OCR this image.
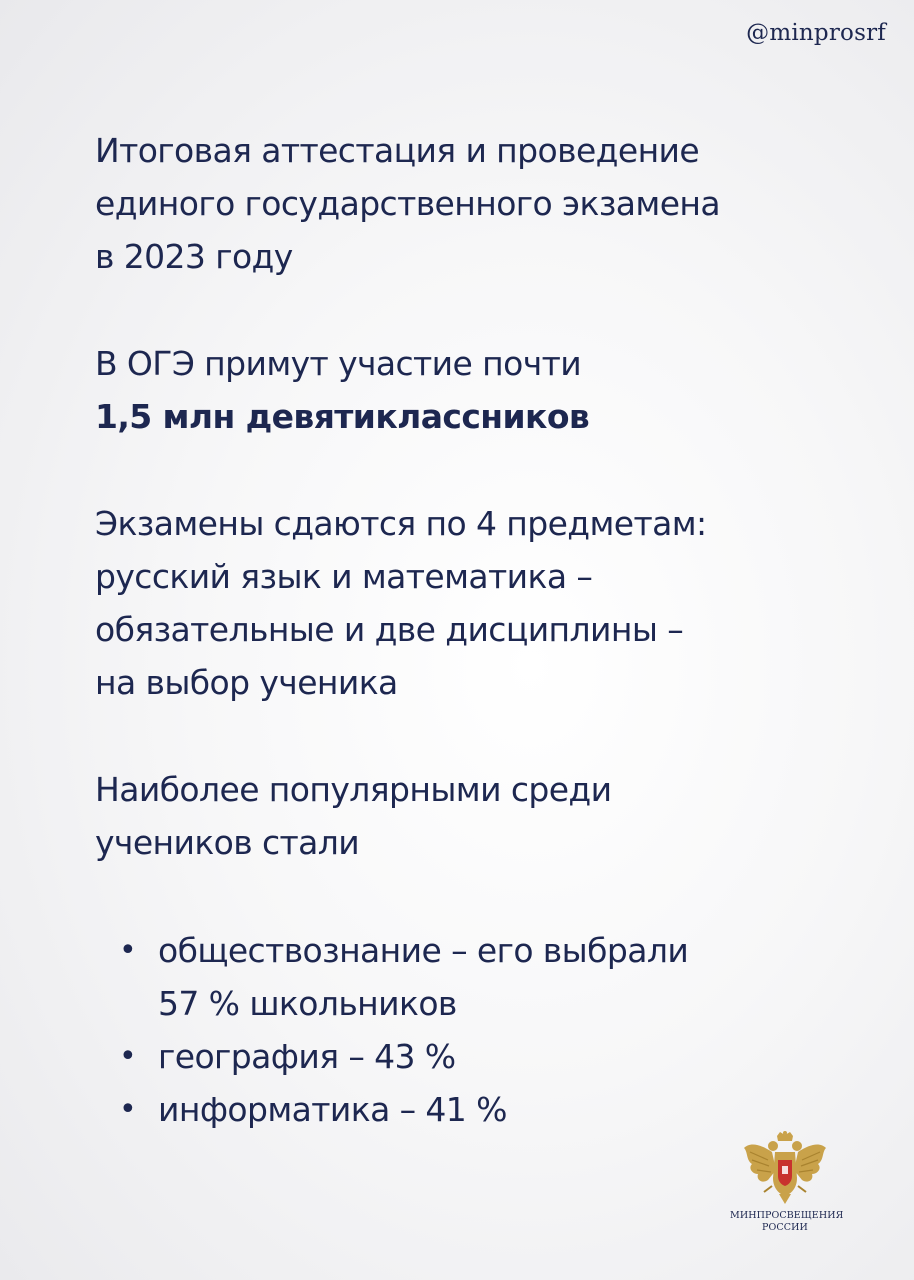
@minprosrf
Итоговая аттестация и проведение
единого государственного экзамена
в 2023 году
В ОГЭ примут участие почти
1,5 млн девятиклассников
Экзамены сдаются по 4 предметам:
русский язык и математика –
обязательные и две дисциплины –
на выбор ученика
Наиболее популярными среди
учеников стали
• обществознание – его выбрали
57 % школьников
• география – 43 %
• информатика – 41 %
МИНПРОСВЕЩЕНИЯ
РОССИИ
